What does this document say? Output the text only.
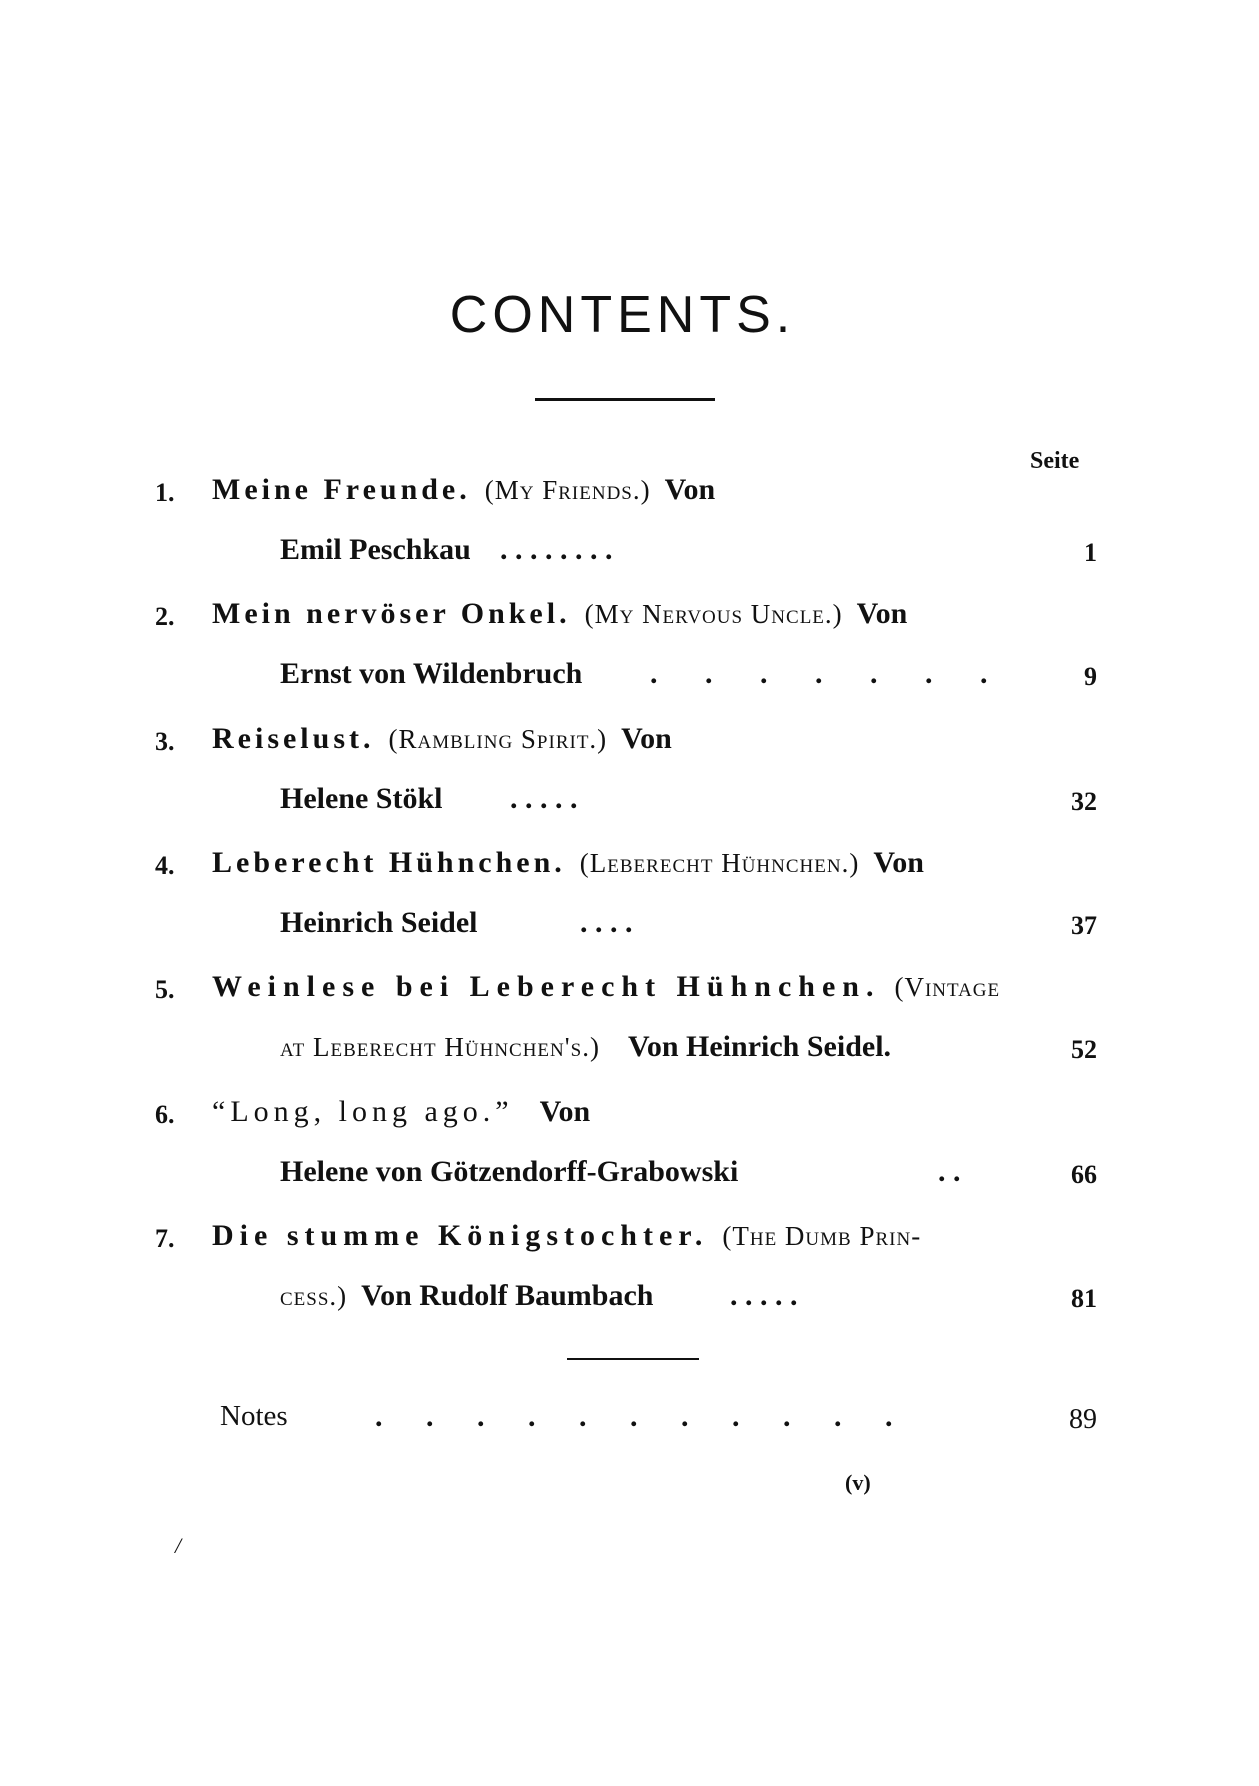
CONTENTS.
Seite
1. Meine Freunde. (My Friends.) Von
Emil Peschkau . . . . . . . .	1
2. Mein nervöser Onkel. (My Nervous Uncle.) Von
Ernst von Wildenbruch . . . . . . .	9
3. Reiselust. (Rambling Spirit.) Von
Helene Stökl . . . . .	32
4. Leberecht Hühnchen. (Leberecht Hühnchen.) Von
Heinrich Seidel	. . . .	37
5. Weinlese bei Leberecht Hühnchen. (Vintage
at Leberecht Hühnchen's.) Von Heinrich Seidel.	52
6. “Long, long ago.” Von
Helene von Götzendorff-Grabowski	. .	66
7. Die stumme Königstochter. (The Dumb Prin-
cess.) Von Rudolf Baumbach	. . . . .	81
Notes	. . . . . . . . . . .	89
(v)
/
